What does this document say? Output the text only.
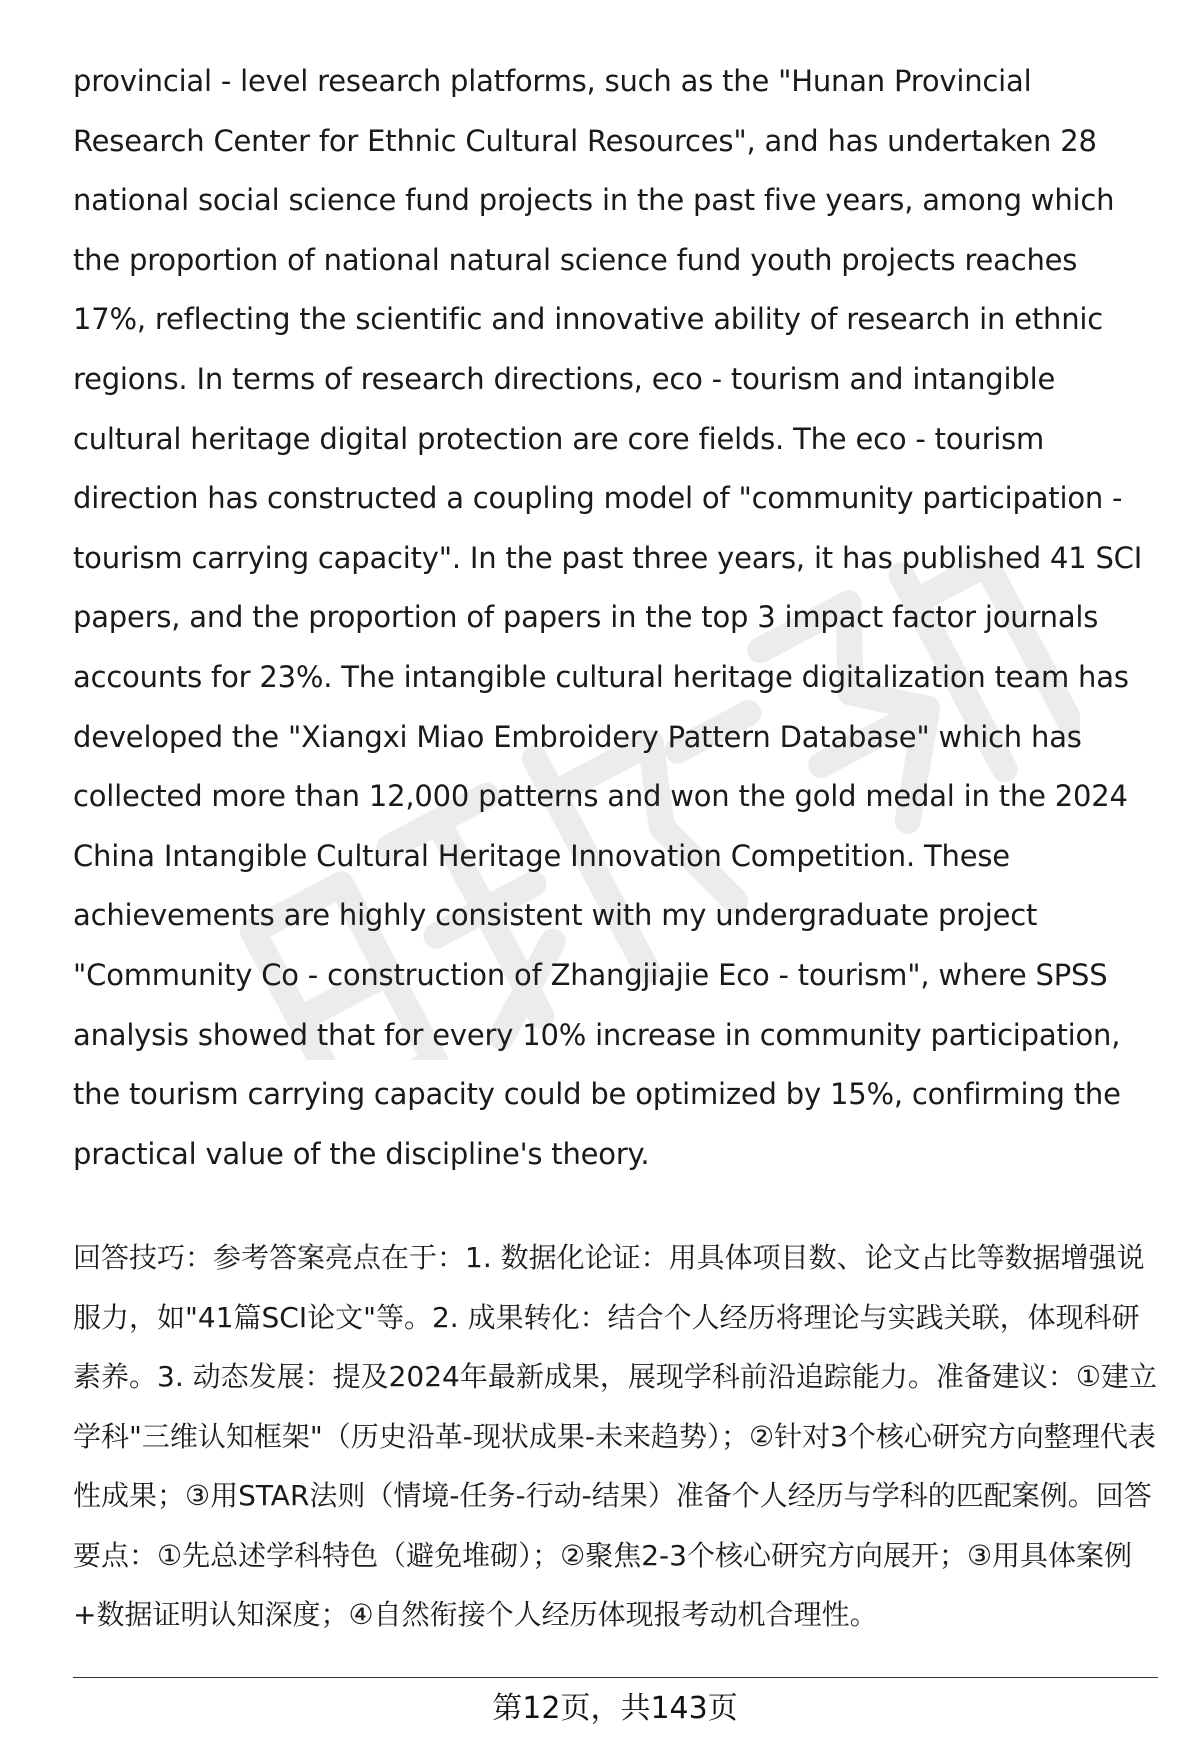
provincial - level research platforms, such as the "Hunan Provincial Research Center for Ethnic Cultural Resources", and has undertaken 28 national social science fund projects in the past five years, among which the proportion of national natural science fund youth projects reaches 17%, reflecting the scientific and innovative ability of research in ethnic regions. In terms of research directions, eco - tourism and intangible cultural heritage digital protection are core fields. The eco - tourism direction has constructed a coupling model of "community participation - tourism carrying capacity". In the past three years, it has published 41 SCI papers, and the proportion of papers in the top 3 impact factor journals accounts for 23%. The intangible cultural heritage digitalization team has developed the "Xiangxi Miao Embroidery Pattern Database" which has collected more than 12,000 patterns and won the gold medal in the 2024 China Intangible Cultural Heritage Innovation Competition. These achievements are highly consistent with my undergraduate project "Community Co - construction of Zhangjiajie Eco - tourism", where SPSS analysis showed that for every 10% increase in community participation, the tourism carrying capacity could be optimized by 15%, confirming the practical value of the discipline's theory.

回答技巧：参考答案亮点在于：1. 数据化论证：用具体项目数、论文占比等数据增强说服力，如"41篇SCI论文"等。2. 成果转化：结合个人经历将理论与实践关联，体现科研素养。3. 动态发展：提及2024年最新成果，展现学科前沿追踪能力。准备建议：①建立学科"三维认知框架"（历史沿革-现状成果-未来趋势）；②针对3个核心研究方向整理代表性成果；③用STAR法则（情境-任务-行动-结果）准备个人经历与学科的匹配案例。回答要点：①先总述学科特色（避免堆砌）；②聚焦2-3个核心研究方向展开；③用具体案例+数据证明认知深度；④自然衔接个人经历体现报考动机合理性。

第12页，共143页
